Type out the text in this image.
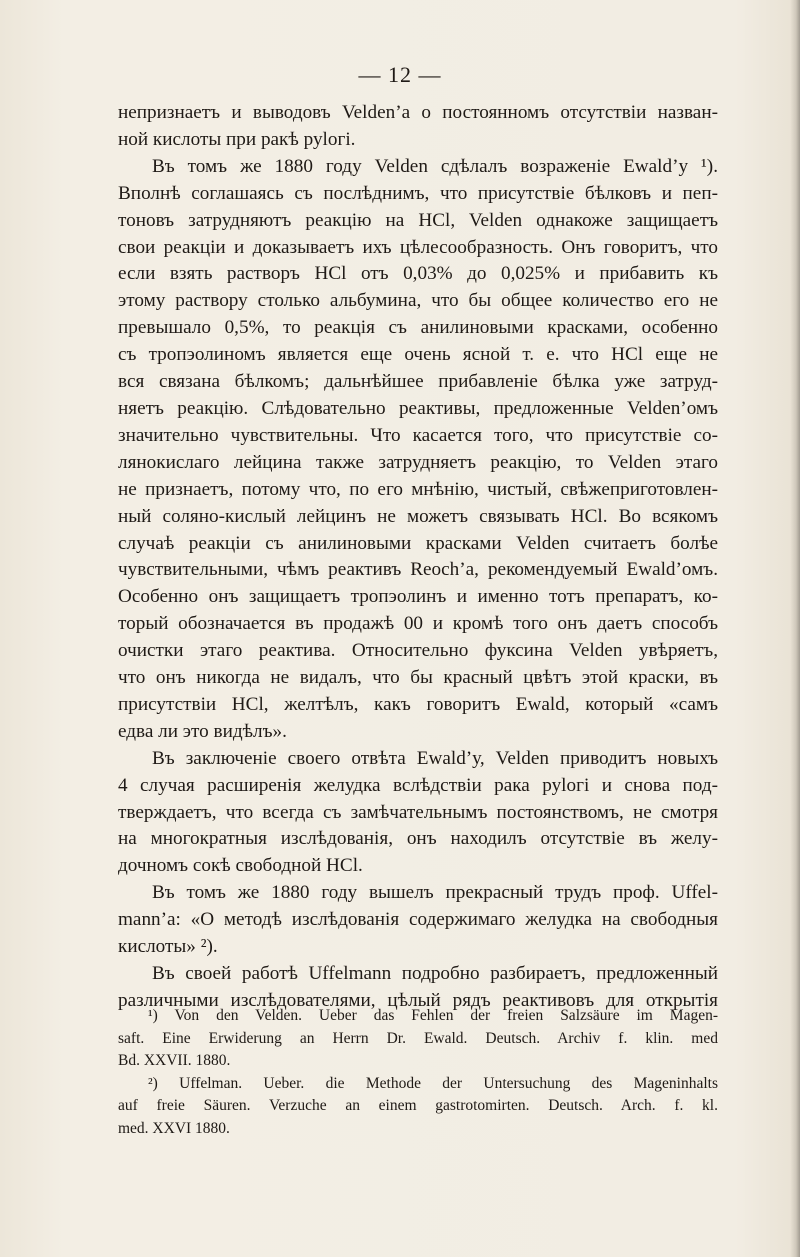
— 12 —
непризнаетъ и выводовъ Velden’а о постоянномъ отсутствіи назван-
ной кислоты при ракѣ руlогі.
Въ томъ же 1880 году Velden сдѣлалъ возраженіе Ewald’у ¹).
Вполнѣ соглашаясь съ послѣднимъ, что присутствіе бѣлковъ и пеп-
тоновъ затрудняютъ реакцію на HCl, Velden однакоже защищаетъ
свои реакціи и доказываетъ ихъ цѣлесообразность. Онъ говоритъ, что
если взять растворъ HCl отъ 0,03% до 0,025% и прибавить къ
этому раствору столько альбумина, что бы общее количество его не
превышало 0,5%, то реакція съ анилиновыми красками, особенно
съ тропэолиномъ является еще очень ясной т. е. что HCl еще не
вся связана бѣлкомъ; дальнѣйшее прибавленіе бѣлка уже затруд-
няетъ реакцію. Слѣдовательно реактивы, предложенные Velden’омъ
значительно чувствительны. Что касается того, что присутствіе со-
лянокислаго лейцина также затрудняетъ реакцію, то Velden этаго
не признаетъ, потому что, по его мнѣнію, чистый, свѣжеприготовлен-
ный соляно-кислый лейцинъ не можетъ связывать HCl. Во всякомъ
случаѣ реакціи съ анилиновыми красками Velden считаетъ болѣе
чувствительными, чѣмъ реактивъ Reoch’а, рекомендуемый Ewald’омъ.
Особенно онъ защищаетъ тропэолинъ и именно тотъ препаратъ, ко-
торый обозначается въ продажѣ 00 и кромѣ того онъ даетъ способъ
очистки этаго реактива. Относительно фуксина Velden увѣряетъ,
что онъ никогда не видалъ, что бы красный цвѣтъ этой краски, въ
присутствіи HCl, желтѣлъ, какъ говоритъ Ewald, который «самъ
едва ли это видѣлъ».
Въ заключеніе своего отвѣта Ewald’у, Velden приводитъ новыхъ
4 случая расширенія желудка вслѣдствіи рака руlогі и снова под-
тверждаетъ, что всегда съ замѣчательнымъ постоянствомъ, не смотря
на многократныя изслѣдованія, онъ находилъ отсутствіе въ желу-
дочномъ сокѣ свободной HCl.
Въ томъ же 1880 году вышелъ прекрасный трудъ проф. Uffel-
mann’а: «О методѣ изслѣдованія содержимаго желудка на свободныя
кислоты» ²).
Въ своей работѣ Uffelmann подробно разбираетъ, предложенный
различными изслѣдователями, цѣлый рядъ реактивовъ для открытія
¹) Von den Velden. Ueber das Fehlen der freien Salzsäure im Magen-
saft. Eine Erwiderung an Herrn Dr. Ewald. Deutsch. Archiv f. klin. med
Bd. XXVII. 1880.
²) Uffelman. Ueber. die Methode der Untersuchung des Mageninhalts
auf freie Säuren. Verzuche an einem gastrotomirten. Deutsch. Arch. f. kl.
med. XXVI 1880.
